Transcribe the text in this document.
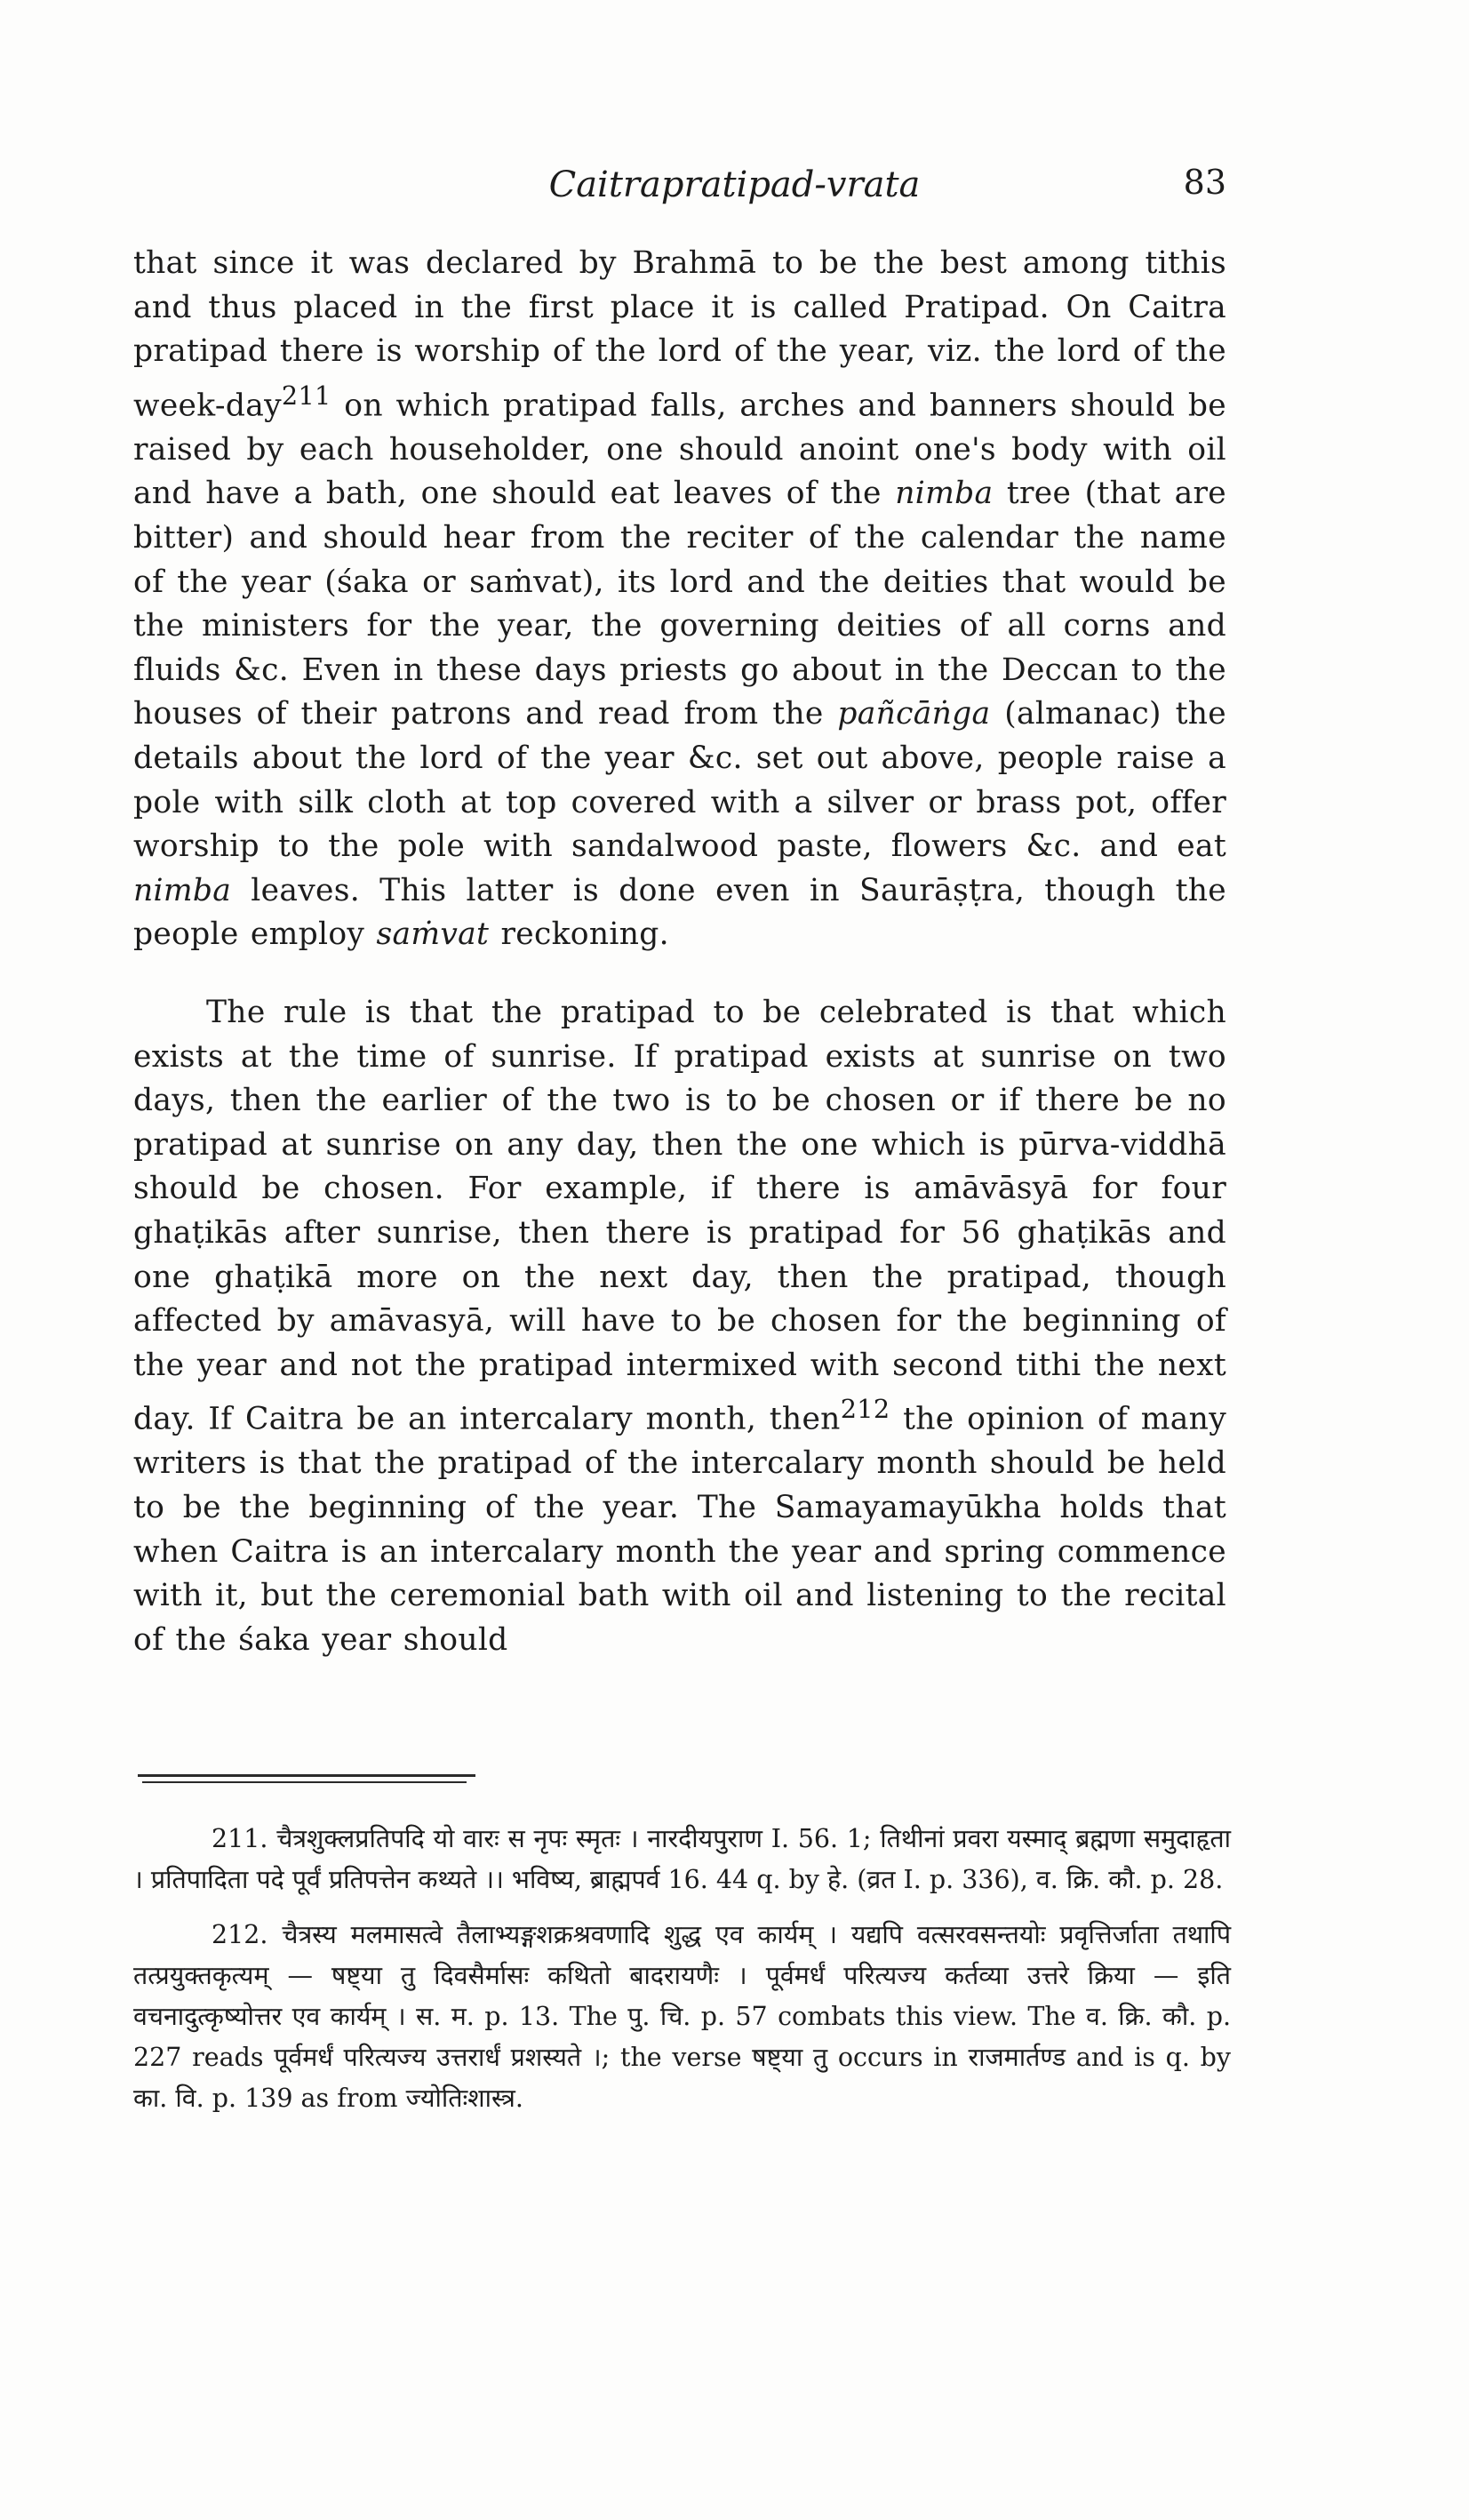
Caitrapratipad-vrata	83

that since it was declared by Brahmā to be the best among tithis and thus placed in the first place it is called Pratipad. On Caitra pratipad there is worship of the lord of the year, viz. the lord of the week-day$^{211}$ on which pratipad falls, arches and banners should be raised by each householder, one should anoint one's body with oil and have a bath, one should eat leaves of the nimba tree (that are bitter) and should hear from the reciter of the calendar the name of the year (śaka or saṁvat), its lord and the deities that would be the ministers for the year, the governing deities of all corns and fluids &c. Even in these days priests go about in the Deccan to the houses of their patrons and read from the pañcāṅga (almanac) the details about the lord of the year &c. set out above, people raise a pole with silk cloth at top covered with a silver or brass pot, offer worship to the pole with sandalwood paste, flowers &c. and eat nimba leaves. This latter is done even in Saurāṣṭra, though the people employ saṁvat reckoning.

The rule is that the pratipad to be celebrated is that which exists at the time of sunrise. If pratipad exists at sunrise on two days, then the earlier of the two is to be chosen or if there be no pratipad at sunrise on any day, then the one which is pūrva-viddhā should be chosen. For example, if there is amāvāsyā for four ghaṭikās after sunrise, then there is pratipad for 56 ghaṭikās and one ghaṭikā more on the next day, then the pratipad, though affected by amāvasyā, will have to be chosen for the beginning of the year and not the pratipad intermixed with second tithi the next day. If Caitra be an intercalary month, then$^{212}$ the opinion of many writers is that the pratipad of the intercalary month should be held to be the beginning of the year. The Samayamayūkha holds that when Caitra is an intercalary month the year and spring commence with it, but the ceremonial bath with oil and listening to the recital of the śaka year should

211. चैत्रशुक्लप्रतिपदि यो वारः स नृपः स्मृतः । नारदीयपुराण I. 56. 1; तिथीनां प्रवरा यस्माद् ब्रह्मणा समुदाहृता । प्रतिपादिता पदे पूर्वं प्रतिपत्तेन कथ्यते ।। भविष्य, ब्राह्मपर्व 16. 44 q. by हे. (व्रत I. p. 336), व. क्रि. कौ. p. 28.

212. चैत्रस्य मलमासत्वे तैलाभ्यङ्गशक्रश्रवणादि शुद्ध एव कार्यम् । यद्यपि वत्सरवसन्तयोः प्रवृत्तिर्जाता तथापि तत्प्रयुक्तकृत्यम् — षष्ट्या तु दिवसैर्मासः कथितो बादरायणैः । पूर्वमर्धं परित्यज्य कर्तव्या उत्तरे क्रिया — इति वचनादुत्कृष्योत्तर एव कार्यम् । स. म. p. 13. The पु. चि. p. 57 combats this view. The व. क्रि. कौ. p. 227 reads पूर्वमर्धं परित्यज्य उत्तरार्धं प्रशस्यते ।; the verse षष्ट्या तु occurs in राजमार्तण्ड and is q. by का. वि. p. 139 as from ज्योतिःशास्त्र.
